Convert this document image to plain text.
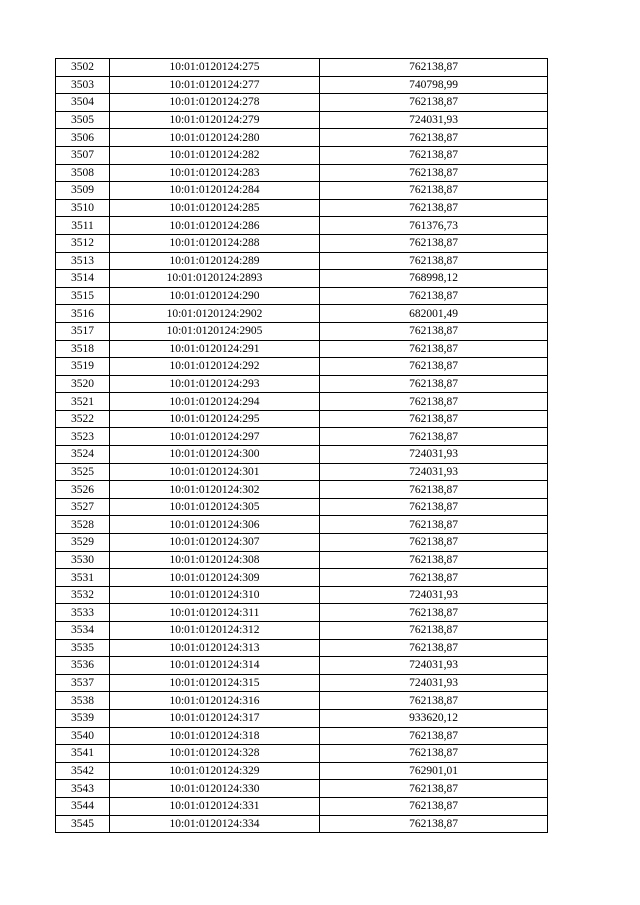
3502	10:01:0120124:275	762138,87
3503	10:01:0120124:277	740798,99
3504	10:01:0120124:278	762138,87
3505	10:01:0120124:279	724031,93
3506	10:01:0120124:280	762138,87
3507	10:01:0120124:282	762138,87
3508	10:01:0120124:283	762138,87
3509	10:01:0120124:284	762138,87
3510	10:01:0120124:285	762138,87
3511	10:01:0120124:286	761376,73
3512	10:01:0120124:288	762138,87
3513	10:01:0120124:289	762138,87
3514	10:01:0120124:2893	768998,12
3515	10:01:0120124:290	762138,87
3516	10:01:0120124:2902	682001,49
3517	10:01:0120124:2905	762138,87
3518	10:01:0120124:291	762138,87
3519	10:01:0120124:292	762138,87
3520	10:01:0120124:293	762138,87
3521	10:01:0120124:294	762138,87
3522	10:01:0120124:295	762138,87
3523	10:01:0120124:297	762138,87
3524	10:01:0120124:300	724031,93
3525	10:01:0120124:301	724031,93
3526	10:01:0120124:302	762138,87
3527	10:01:0120124:305	762138,87
3528	10:01:0120124:306	762138,87
3529	10:01:0120124:307	762138,87
3530	10:01:0120124:308	762138,87
3531	10:01:0120124:309	762138,87
3532	10:01:0120124:310	724031,93
3533	10:01:0120124:311	762138,87
3534	10:01:0120124:312	762138,87
3535	10:01:0120124:313	762138,87
3536	10:01:0120124:314	724031,93
3537	10:01:0120124:315	724031,93
3538	10:01:0120124:316	762138,87
3539	10:01:0120124:317	933620,12
3540	10:01:0120124:318	762138,87
3541	10:01:0120124:328	762138,87
3542	10:01:0120124:329	762901,01
3543	10:01:0120124:330	762138,87
3544	10:01:0120124:331	762138,87
3545	10:01:0120124:334	762138,87
